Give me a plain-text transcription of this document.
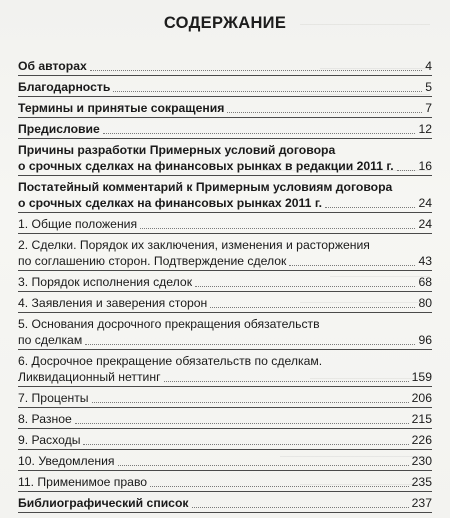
СОДЕРЖАНИЕ
Об авторах	4
Благодарность	5
Термины и принятые сокращения	7
Предисловие	12
Причины разработки Примерных условий договора
о срочных сделках на финансовых рынках в редакции 2011 г. 16
Постатейный комментарий к Примерным условиям договора
о срочных сделках на финансовых рынках 2011 г.	24
1. Общие положения	24
2. Сделки. Порядок их заключения, изменения и расторжения
по соглашению сторон. Подтверждение сделок	43
3. Порядок исполнения сделок	68
4. Заявления и заверения сторон	80
5. Основания досрочного прекращения обязательств
по сделкам	96
6. Досрочное прекращение обязательств по сделкам.
Ликвидационный неттинг	159
7. Проценты	206
8. Разное	215
9. Расходы	226
10. Уведомления	230
11. Применимое право	235
Библиографический список	237
